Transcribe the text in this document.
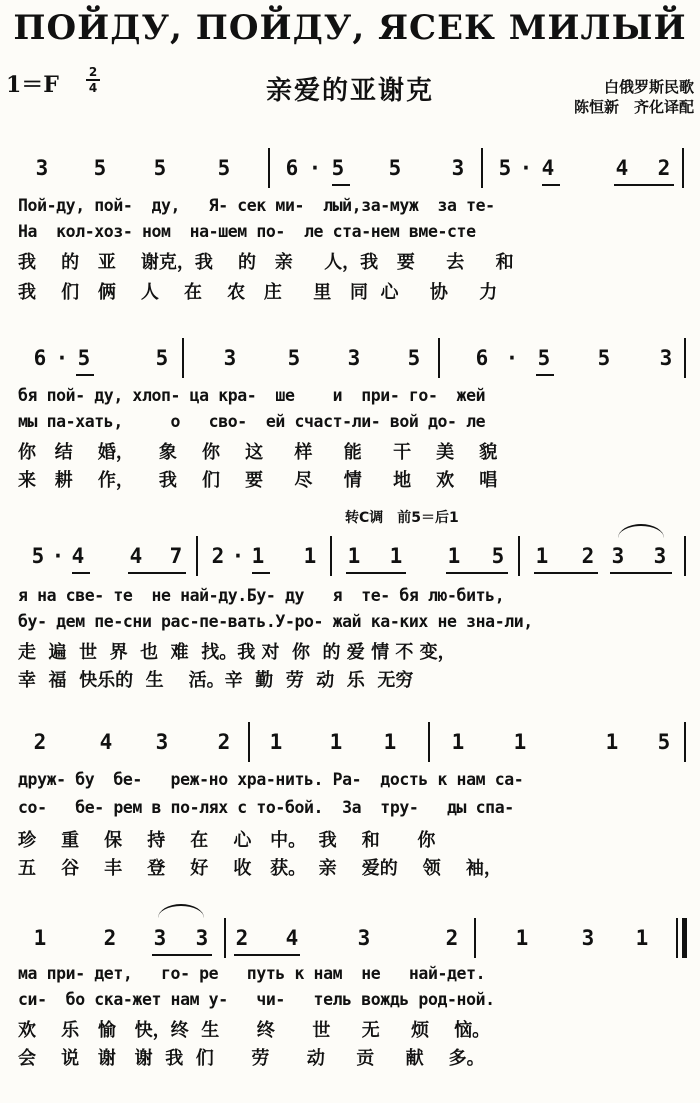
ПОЙДУ, ПОЙДУ, ЯСЕК МИЛЫЙ
1＝F 2
4	亲爱的亚谢克	白俄罗斯民歌
陈恒新　齐化译配
3 5 5 5	6 · 5 5 3 5 · 4	4 2
Пой-ду, пой-  ду,   Я- сек ми-  лый,за-муж  за те-
На  кол-хоз- ном  на-шем по-  ле ста-нем вме-сте
我    的   亚    谢克，我    的   亲     人，我   要     去     和
我    们   俩    人    在    农   庄     里   同  心     协     力
6 · 5	5	3 5 3 5	6 · 5 5 3
бя пой- ду, хлоп- ца кра-  ше    и  при- го-  жей
мы па-хать,     о   сво-  ей счаст-ли- вой до- ле
你   结    婚，    象    你    这     样     能     干    美    貌
来   耕    作，    我    们    要     尽     情     地    欢    唱
转C调　前5＝后1
5 · 4 4 7 2 · 1 1 1 1 1 5 1 2 3 3
я на све- те  не най-ду.Бу- ду   я  те- бя лю-бить,
бу- дем пе-сни рас-пе-вать.У-ро- жай ка-ких не зна-ли,
走  遍  世  界  也  难  找。我 对  你  的 爱 情 不 变，
幸  福  快乐的  生    活。辛  勤  劳  动  乐  无穷
2	4 3 2 1 1 1	1 1	1 5
друж- бу  бе-   реж-но хра-нить. Ра-  дость к нам са-
со-   бе- рем в по-лях с то-бой.  За  тру-   ды спа-
珍    重    保    持    在    心   中。  我    和      你
五    谷    丰    登    好    收   获。  亲    爱的    领    袖，
1	2 3 3 2 4	3	2	1	3 1
ма при- дет,   го- ре   путь к нам  не   най-дет.
си-  бо ска-жет нам у-   чи-   тель вождь род-ной.
欢    乐   愉   快，终  生      终      世     无     烦    恼。
会    说   谢   谢  我  们      劳      动     贡     献    多。
